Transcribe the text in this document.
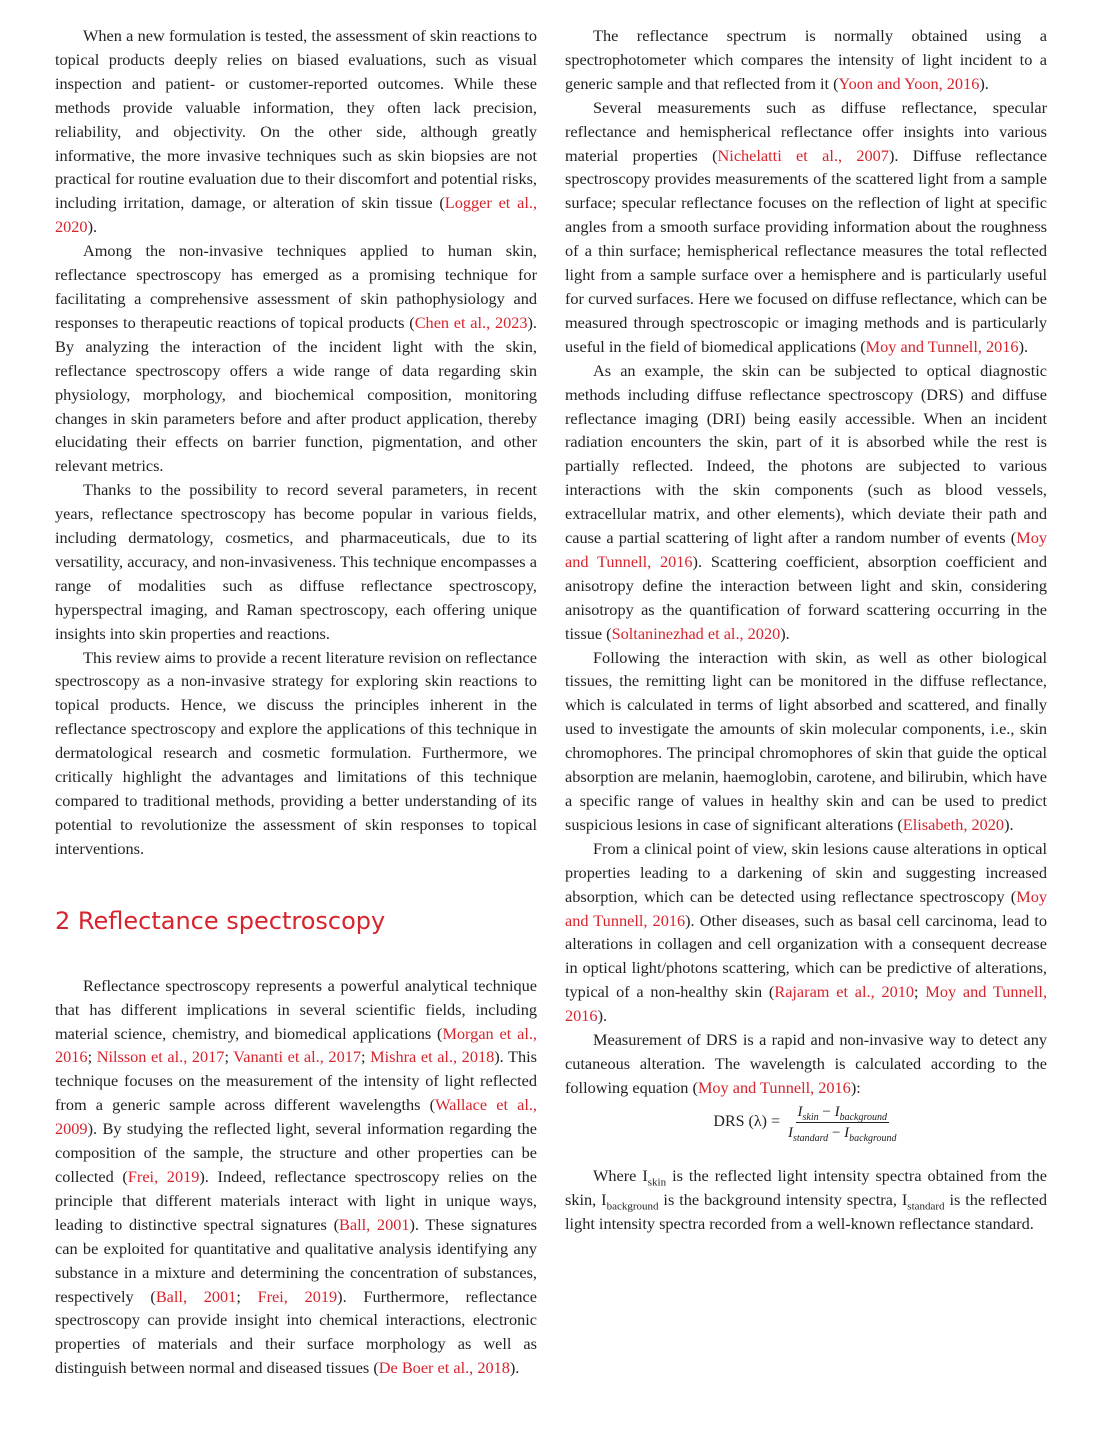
When a new formulation is tested, the assessment of skin reactions to topical products deeply relies on biased evaluations, such as visual inspection and patient- or customer-reported outcomes. While these methods provide valuable information, they often lack precision, reliability, and objectivity. On the other side, although greatly informative, the more invasive techniques such as skin biopsies are not practical for routine evaluation due to their discomfort and potential risks, including irritation, damage, or alteration of skin tissue (Logger et al., 2020).

Among the non-invasive techniques applied to human skin, reflectance spectroscopy has emerged as a promising technique for facilitating a comprehensive assessment of skin pathophysiology and responses to therapeutic reactions of topical products (Chen et al., 2023). By analyzing the interaction of the incident light with the skin, reflectance spectroscopy offers a wide range of data regarding skin physiology, morphology, and biochemical composition, monitoring changes in skin parameters before and after product application, thereby elucidating their effects on barrier function, pigmentation, and other relevant metrics.

Thanks to the possibility to record several parameters, in recent years, reflectance spectroscopy has become popular in various fields, including dermatology, cosmetics, and pharmaceuticals, due to its versatility, accuracy, and non-invasiveness. This technique encompasses a range of modalities such as diffuse reflectance spectroscopy, hyperspectral imaging, and Raman spectroscopy, each offering unique insights into skin properties and reactions.

This review aims to provide a recent literature revision on reflectance spectroscopy as a non-invasive strategy for exploring skin reactions to topical products. Hence, we discuss the principles inherent in the reflectance spectroscopy and explore the applications of this technique in dermatological research and cosmetic formulation. Furthermore, we critically highlight the advantages and limitations of this technique compared to traditional methods, providing a better understanding of its potential to revolutionize the assessment of skin responses to topical interventions.

2 Reflectance spectroscopy

Reflectance spectroscopy represents a powerful analytical technique that has different implications in several scientific fields, including material science, chemistry, and biomedical applications (Morgan et al., 2016; Nilsson et al., 2017; Vananti et al., 2017; Mishra et al., 2018). This technique focuses on the measurement of the intensity of light reflected from a generic sample across different wavelengths (Wallace et al., 2009). By studying the reflected light, several information regarding the composition of the sample, the structure and other properties can be collected (Frei, 2019). Indeed, reflectance spectroscopy relies on the principle that different materials interact with light in unique ways, leading to distinctive spectral signatures (Ball, 2001). These signatures can be exploited for quantitative and qualitative analysis identifying any substance in a mixture and determining the concentration of substances, respectively (Ball, 2001; Frei, 2019). Furthermore, reflectance spectroscopy can provide insight into chemical interactions, electronic properties of materials and their surface morphology as well as distinguish between normal and diseased tissues (De Boer et al., 2018).

The reflectance spectrum is normally obtained using a spectrophotometer which compares the intensity of light incident to a generic sample and that reflected from it (Yoon and Yoon, 2016).

Several measurements such as diffuse reflectance, specular reflectance and hemispherical reflectance offer insights into various material properties (Nichelatti et al., 2007). Diffuse reflectance spectroscopy provides measurements of the scattered light from a sample surface; specular reflectance focuses on the reflection of light at specific angles from a smooth surface providing information about the roughness of a thin surface; hemispherical reflectance measures the total reflected light from a sample surface over a hemisphere and is particularly useful for curved surfaces. Here we focused on diffuse reflectance, which can be measured through spectroscopic or imaging methods and is particularly useful in the field of biomedical applications (Moy and Tunnell, 2016).

As an example, the skin can be subjected to optical diagnostic methods including diffuse reflectance spectroscopy (DRS) and diffuse reflectance imaging (DRI) being easily accessible. When an incident radiation encounters the skin, part of it is absorbed while the rest is partially reflected. Indeed, the photons are subjected to various interactions with the skin components (such as blood vessels, extracellular matrix, and other elements), which deviate their path and cause a partial scattering of light after a random number of events (Moy and Tunnell, 2016). Scattering coefficient, absorption coefficient and anisotropy define the interaction between light and skin, considering anisotropy as the quantification of forward scattering occurring in the tissue (Soltaninezhad et al., 2020).

Following the interaction with skin, as well as other biological tissues, the remitting light can be monitored in the diffuse reflectance, which is calculated in terms of light absorbed and scattered, and finally used to investigate the amounts of skin molecular components, i.e., skin chromophores. The principal chromophores of skin that guide the optical absorption are melanin, haemoglobin, carotene, and bilirubin, which have a specific range of values in healthy skin and can be used to predict suspicious lesions in case of significant alterations (Elisabeth, 2020).

From a clinical point of view, skin lesions cause alterations in optical properties leading to a darkening of skin and suggesting increased absorption, which can be detected using reflectance spectroscopy (Moy and Tunnell, 2016). Other diseases, such as basal cell carcinoma, lead to alterations in collagen and cell organization with a consequent decrease in optical light/photons scattering, which can be predictive of alterations, typical of a non-healthy skin (Rajaram et al., 2010; Moy and Tunnell, 2016).

Measurement of DRS is a rapid and non-invasive way to detect any cutaneous alteration. The wavelength is calculated according to the following equation (Moy and Tunnell, 2016):

DRS $(\lambda) = \frac{I_{skin} - I_{background}}{I_{standard} - I_{background}}$

Where $I_{skin}$ is the reflected light intensity spectra obtained from the skin, $I_{background}$ is the background intensity spectra, $I_{standard}$ is the reflected light intensity spectra recorded from a well-known reflectance standard.
